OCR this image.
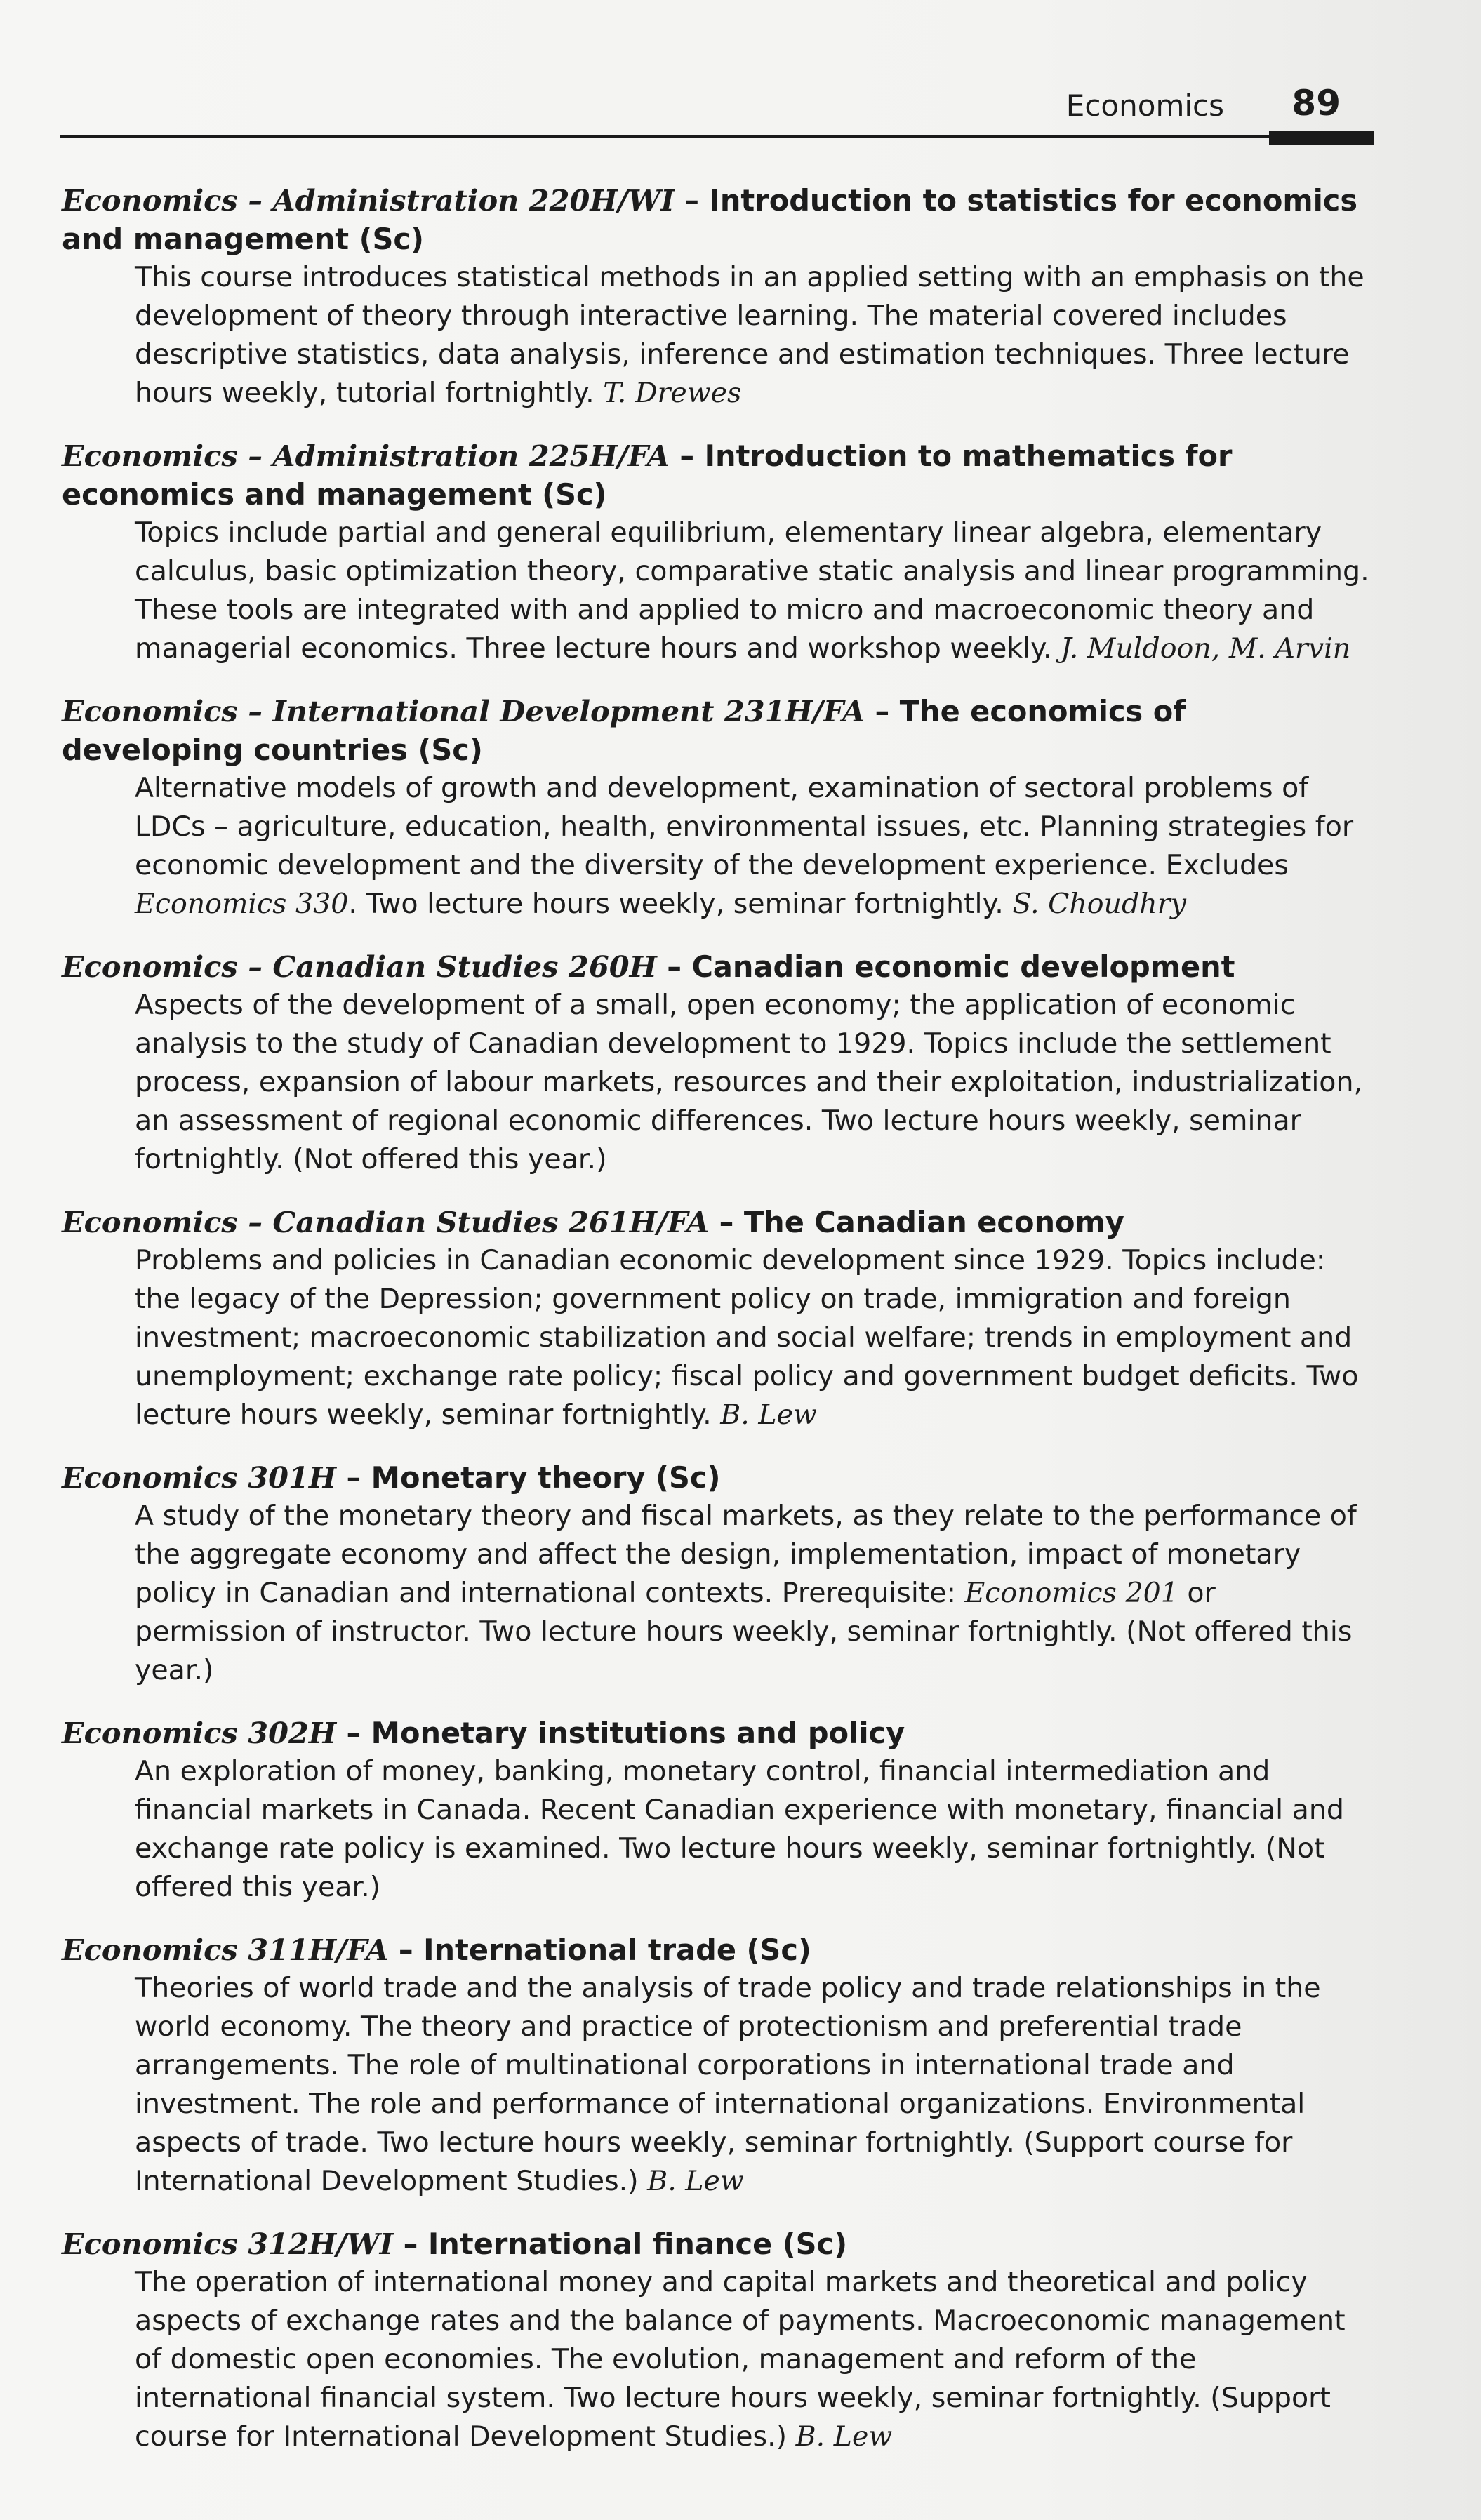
Economics 89
Economics – Administration 220H/WI – Introduction to statistics for economics and management (Sc)
This course introduces statistical methods in an applied setting with an emphasis on the development of theory through interactive learning. The material covered includes descriptive statistics, data analysis, inference and estimation techniques. Three lecture hours weekly, tutorial fortnightly. T. Drewes
Economics – Administration 225H/FA – Introduction to mathematics for economics and management (Sc)
Topics include partial and general equilibrium, elementary linear algebra, elementary calculus, basic optimization theory, comparative static analysis and linear programming. These tools are integrated with and applied to micro and macroeconomic theory and managerial economics. Three lecture hours and workshop weekly. J. Muldoon, M. Arvin
Economics – International Development 231H/FA – The economics of developing countries (Sc)
Alternative models of growth and development, examination of sectoral problems of LDCs – agriculture, education, health, environmental issues, etc. Planning strategies for economic development and the diversity of the development experience. Excludes Economics 330. Two lecture hours weekly, seminar fortnightly. S. Choudhry
Economics – Canadian Studies 260H – Canadian economic development
Aspects of the development of a small, open economy; the application of economic analysis to the study of Canadian development to 1929. Topics include the settlement process, expansion of labour markets, resources and their exploitation, industrialization, an assessment of regional economic differences. Two lecture hours weekly, seminar fortnightly. (Not offered this year.)
Economics – Canadian Studies 261H/FA – The Canadian economy
Problems and policies in Canadian economic development since 1929. Topics include: the legacy of the Depression; government policy on trade, immigration and foreign investment; macroeconomic stabilization and social welfare; trends in employment and unemployment; exchange rate policy; fiscal policy and government budget deficits. Two lecture hours weekly, seminar fortnightly. B. Lew
Economics 301H – Monetary theory (Sc)
A study of the monetary theory and fiscal markets, as they relate to the performance of the aggregate economy and affect the design, implementation, impact of monetary policy in Canadian and international contexts. Prerequisite: Economics 201 or permission of instructor. Two lecture hours weekly, seminar fortnightly. (Not offered this year.)
Economics 302H – Monetary institutions and policy
An exploration of money, banking, monetary control, financial intermediation and financial markets in Canada. Recent Canadian experience with monetary, financial and exchange rate policy is examined. Two lecture hours weekly, seminar fortnightly. (Not offered this year.)
Economics 311H/FA – International trade (Sc)
Theories of world trade and the analysis of trade policy and trade relationships in the world economy. The theory and practice of protectionism and preferential trade arrangements. The role of multinational corporations in international trade and investment. The role and performance of international organizations. Environmental aspects of trade. Two lecture hours weekly, seminar fortnightly. (Support course for International Development Studies.) B. Lew
Economics 312H/WI – International finance (Sc)
The operation of international money and capital markets and theoretical and policy aspects of exchange rates and the balance of payments. Macroeconomic management of domestic open economies. The evolution, management and reform of the international financial system. Two lecture hours weekly, seminar fortnightly. (Support course for International Development Studies.) B. Lew
